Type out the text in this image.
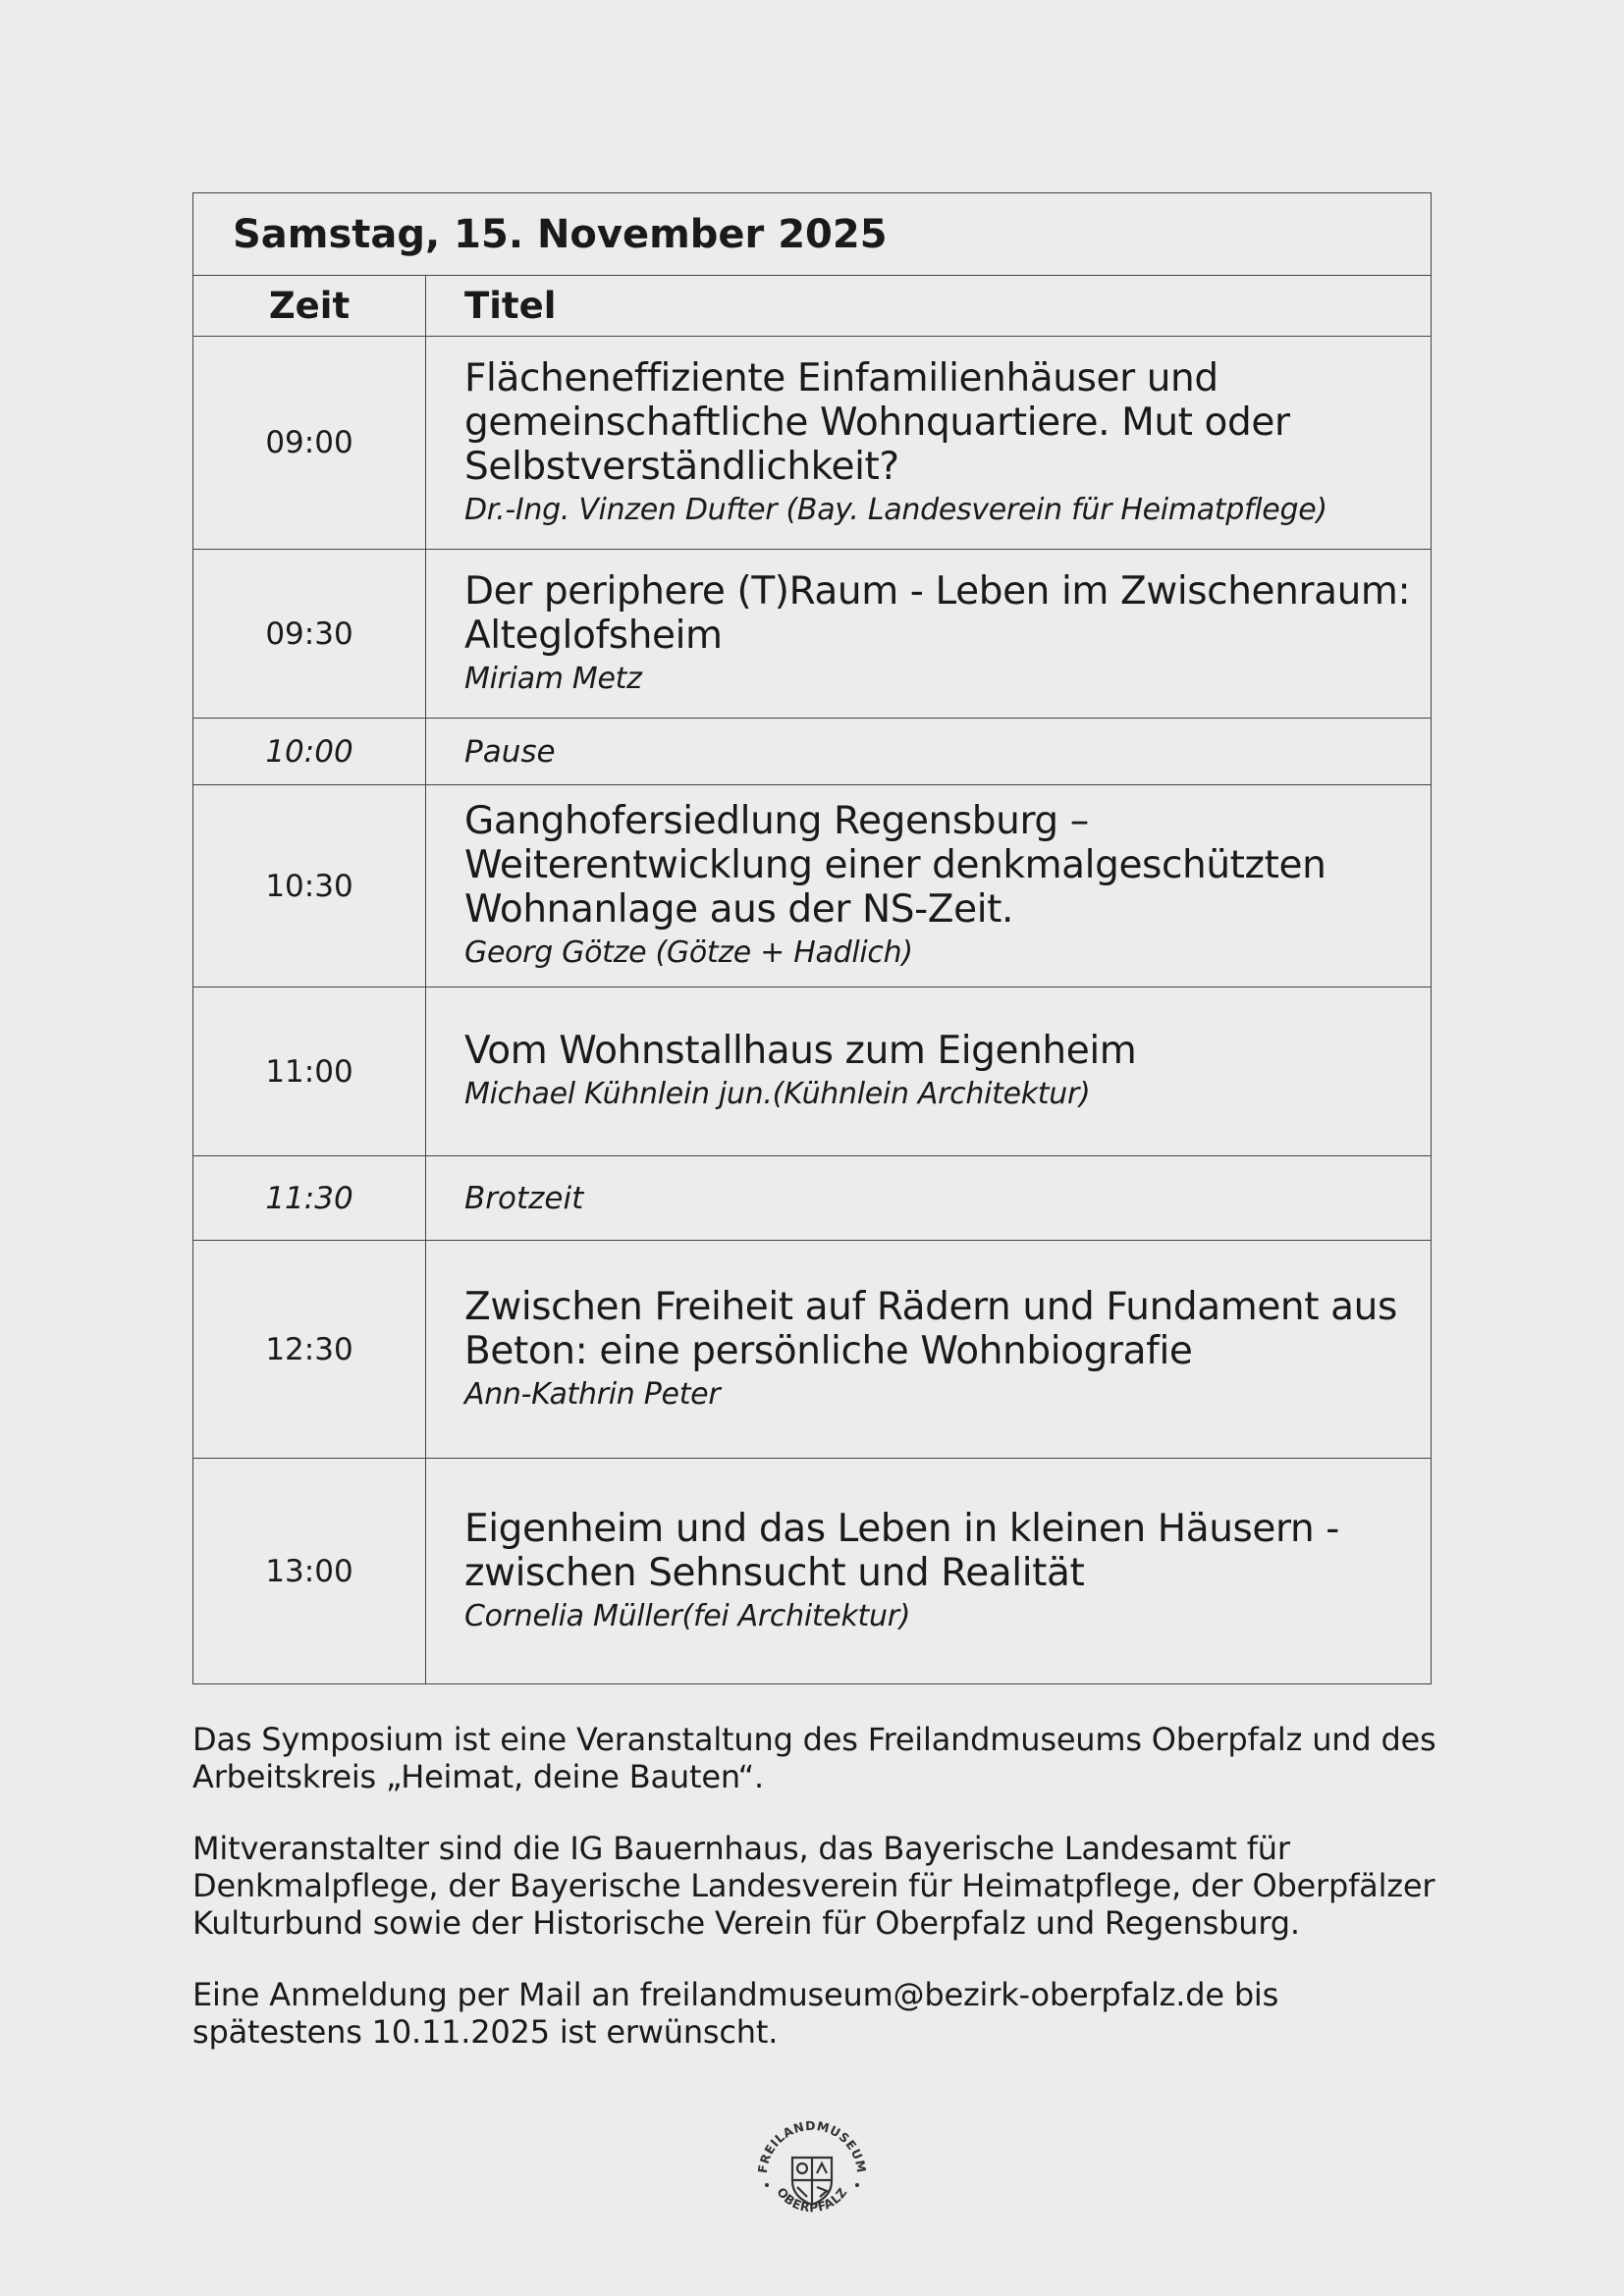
Samstag, 15. November 2025	
Zeit	Titel
09:00	Flächeneffiziente Einfamilienhäuser und gemeinschaftliche Wohnquartiere. Mut oder Selbstverständlichkeit?
Dr.-Ing. Vinzen Dufter (Bay. Landesverein für Heimatpflege)

09:30	Der periphere (T)Raum - Leben im Zwischenraum: Alteglofsheim
Miriam Metz

10:00	Pause
10:30	Ganghofersiedlung Regensburg – Weiterentwicklung einer denkmalgeschützten Wohnanlage aus der NS-Zeit.
Georg Götze (Götze + Hadlich)

11:00	Vom Wohnstallhaus zum Eigenheim
Michael Kühnlein jun.(Kühnlein Architektur)

11:30	Brotzeit
12:30	Zwischen Freiheit auf Rädern und Fundament aus Beton: eine persönliche Wohnbiografie
Ann-Kathrin Peter

13:00	Eigenheim und das Leben in kleinen Häusern - zwischen Sehnsucht und Realität
Cornelia Müller(fei Architektur)

Das Symposium ist eine Veranstaltung des Freilandmuseums Oberpfalz und des Arbeitskreis „Heimat, deine Bauten“.

Mitveranstalter sind die IG Bauernhaus, das Bayerische Landesamt für Denkmalpflege, der Bayerische Landesverein für Heimatpflege, der Oberpfälzer Kulturbund sowie der Historische Verein für Oberpfalz und Regensburg.

Eine Anmeldung per Mail an freilandmuseum@bezirk-oberpfalz.de bis spätestens 10.11.2025 ist erwünscht.

FREILANDMUSEUM
OBERPFALZ
